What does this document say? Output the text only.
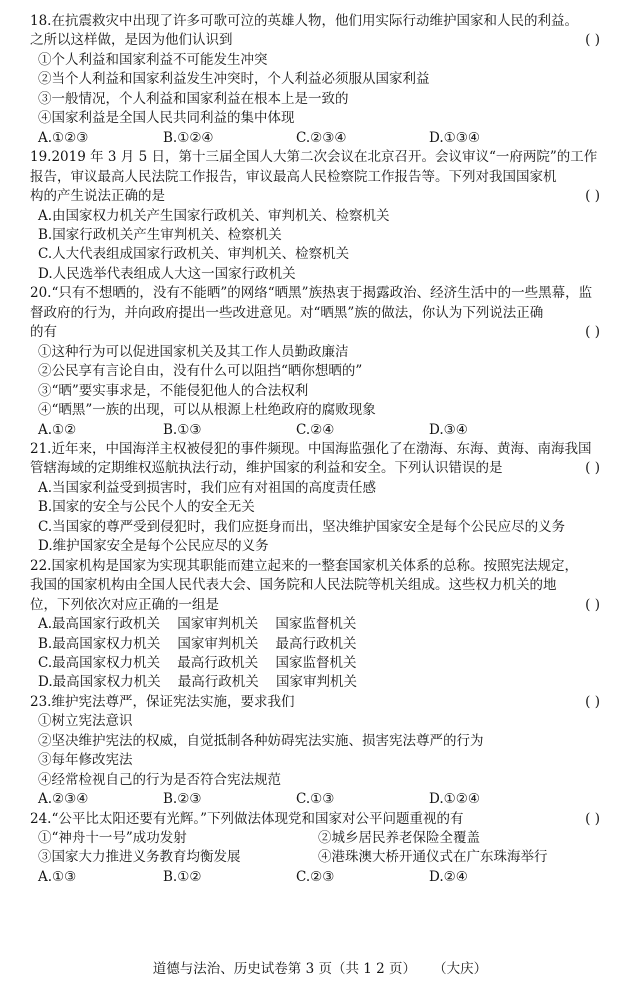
18.在抗震救灾中出现了许多可歌可泣的英雄人物，他们用实际行动维护国家和人民的利益。
( )
之所以这样做，是因为他们认识到
①个人利益和国家利益不可能发生冲突
②当个人利益和国家利益发生冲突时，个人利益必须服从国家利益
③一般情况，个人利益和国家利益在根本上是一致的
④国家利益是全国人民共同利益的集中体现
A.①②③	B.①②④	C.②③④	D.①③④
19.2019 年 3 月 5 日，第十三届全国人大第二次会议在北京召开。会议审议“一府两院”的工作
报告，审议最高人民法院工作报告，审议最高人民检察院工作报告等。下列对我国国家机
( )
构的产生说法正确的是
A.由国家权力机关产生国家行政机关、审判机关、检察机关
B.国家行政机关产生审判机关、检察机关
C.人大代表组成国家行政机关、审判机关、检察机关
D.人民选举代表组成人大这一国家行政机关
20.“只有不想晒的，没有不能晒”的网络“晒黑”族热衷于揭露政治、经济生活中的一些黑幕，监
督政府的行为，并向政府提出一些改进意见。对“晒黑”族的做法，你认为下列说法正确
( )
的有
①这种行为可以促进国家机关及其工作人员勤政廉洁
②公民享有言论自由，没有什么可以阻挡“晒你想晒的”
③“晒”要实事求是，不能侵犯他人的合法权利
④“晒黑”一族的出现，可以从根源上杜绝政府的腐败现象
A.①②	B.①③	C.②④	D.③④
21.近年来，中国海洋主权被侵犯的事件频现。中国海监强化了在渤海、东海、黄海、南海我国
( )
管辖海域的定期维权巡航执法行动，维护国家的利益和安全。下列认识错误的是
A.当国家利益受到损害时，我们应有对祖国的高度责任感
B.国家的安全与公民个人的安全无关
C.当国家的尊严受到侵犯时，我们应挺身而出，坚决维护国家安全是每个公民应尽的义务
D.维护国家安全是每个公民应尽的义务
22.国家机构是国家为实现其职能而建立起来的一整套国家机关体系的总称。按照宪法规定，
我国的国家机构由全国人民代表大会、国务院和人民法院等机关组成。这些权力机关的地
( )
位，下列依次对应正确的一组是
A.最高国家行政机关    国家审判机关    国家监督机关
B.最高国家权力机关    国家审判机关    最高行政机关
C.最高国家权力机关    最高行政机关    国家监督机关
D.最高国家权力机关    最高行政机关    国家审判机关
( )
23.维护宪法尊严，保证宪法实施，要求我们
①树立宪法意识
②坚决维护宪法的权威，自觉抵制各种妨碍宪法实施、损害宪法尊严的行为
③每年修改宪法
④经常检视自己的行为是否符合宪法规范
A.②③④	B.②③	C.①③	D.①②④
( )
24.“公平比太阳还要有光辉。”下列做法体现党和国家对公平问题重视的有
①“神舟十一号”成功发射	②城乡居民养老保险全覆盖
③国家大力推进义务教育均衡发展	④港珠澳大桥开通仪式在广东珠海举行
A.①③	B.①②	C.②③	D.②④
道德与法治、历史试卷第 3 页（共 1 2 页）    （大庆）
